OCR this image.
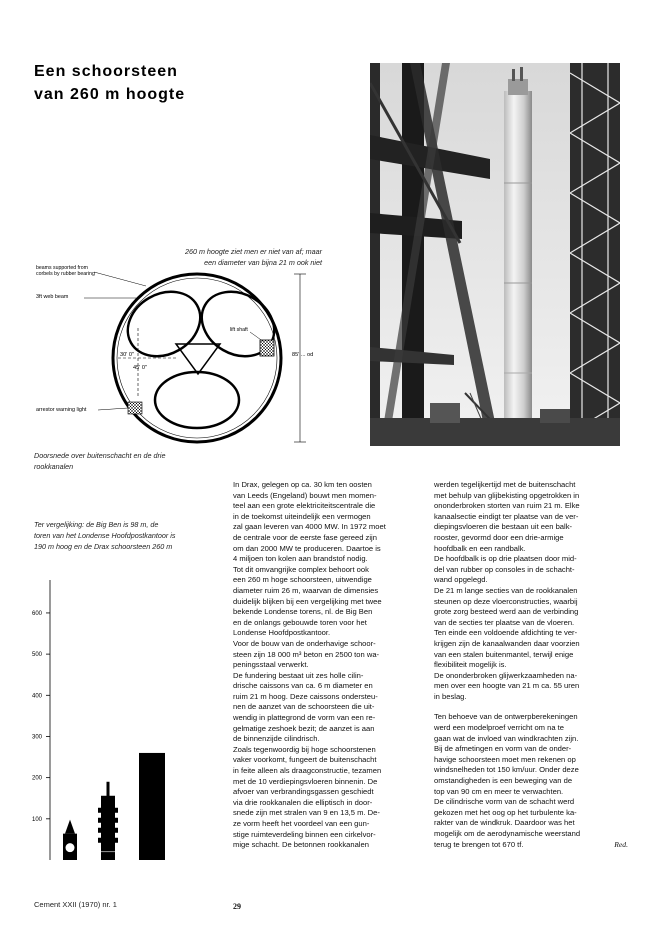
Een schoorsteen
van 260 m hoogte
260 m hoogte ziet men er niet van af; maar
een diameter van bijna 21 m ook niet
beams supported from
corbels by rubber bearing
3ft web beam
lift shaft
30' 0"
45' 0"
85' ... od
arrestor warning light
Doorsnede over buitenschacht en de drie
rookkanalen
Ter vergelijking: de Big Ben is 98 m, de
toren van het Londense Hoofdpostkantoor is
190 m hoog en de Drax schoorsteen 260 m
100
200
300
400
500
600

In Drax, gelegen op ca. 30 km ten oosten

van Leeds (Engeland) bouwt men momen-

teel aan een grote elektriciteitscentrale die

in de toekomst uiteindelijk een vermogen

zal gaan leveren van 4000 MW. In 1972 moet

de centrale voor de eerste fase gereed zijn

om dan 2000 MW te produceren. Daartoe is

4 miljoen ton kolen aan brandstof nodig.

Tot dit omvangrijke complex behoort ook

een 260 m hoge schoorsteen, uitwendige

diameter ruim 26 m, waarvan de dimensies

duidelijk blijken bij een vergelijking met twee

bekende Londense torens, nl. de Big Ben

en de onlangs gebouwde toren voor het

Londense Hoofdpostkantoor.

Voor de bouw van de onderhavige schoor-

steen zijn 18 000 m³ beton en 2500 ton wa-

peningsstaal verwerkt.

De fundering bestaat uit zes holle cilin-

drische caissons van ca. 6 m diameter en

ruim 21 m hoog. Deze caissons ondersteu-

nen de aanzet van de schoorsteen die uit-

wendig in plattegrond de vorm van een re-

gelmatige zeshoek bezit; de aanzet is aan

de binnenzijde cilindrisch.

Zoals tegenwoordig bij hoge schoorstenen

vaker voorkomt, fungeert de buitenschacht

in feite alleen als draagconstructie, tezamen

met de 10 verdiepingsvloeren binnenin. De

afvoer van verbrandingsgassen geschiedt

via drie rookkanalen die elliptisch in door-

snede zijn met stralen van 9 en 13,5 m. De-

ze vorm heeft het voordeel van een gun-

stige ruimteverdeling binnen een cirkelvor-

mige schacht. De betonnen rookkanalen

werden tegelijkertijd met de buitenschacht

met behulp van glijbekisting opgetrokken in

ononderbroken storten van ruim 21 m. Elke

kanaalsectie eindigt ter plaatse van de ver-

diepingsvloeren die bestaan uit een balk-

rooster, gevormd door een drie-armige

hoofdbalk en een randbalk.

De hoofdbalk is op drie plaatsen door mid-

del van rubber op consoles in de schacht-

wand opgelegd.

De 21 m lange secties van de rookkanalen

steunen op deze vloerconstructies, waarbij

grote zorg besteed werd aan de verbinding

van de secties ter plaatse van de vloeren.

Ten einde een voldoende afdichting te ver-

krijgen zijn de kanaalwanden daar voorzien

van een stalen buitenmantel, terwijl enige

flexibiliteit mogelijk is.

De ononderbroken glijwerkzaamheden na-

men over een hoogte van 21 m ca. 55 uren

in beslag.

Ten behoeve van de ontwerpberekeningen

werd een modelproef verricht om na te

gaan wat de invloed van windkrachten zijn.

Bij de afmetingen en vorm van de onder-

havige schoorsteen moet men rekenen op

windsnelheden tot 150 km/uur. Onder deze

omstandigheden is een beweging van de

top van 90 cm en meer te verwachten.

De cilindrische vorm van de schacht werd

gekozen met het oog op het turbulente ka-

rakter van de windkruk. Daardoor was het

mogelijk om de aerodynamische weerstand

terug te brengen tot 670 tf.	Red.

Cement XXII (1970) nr. 1	29
